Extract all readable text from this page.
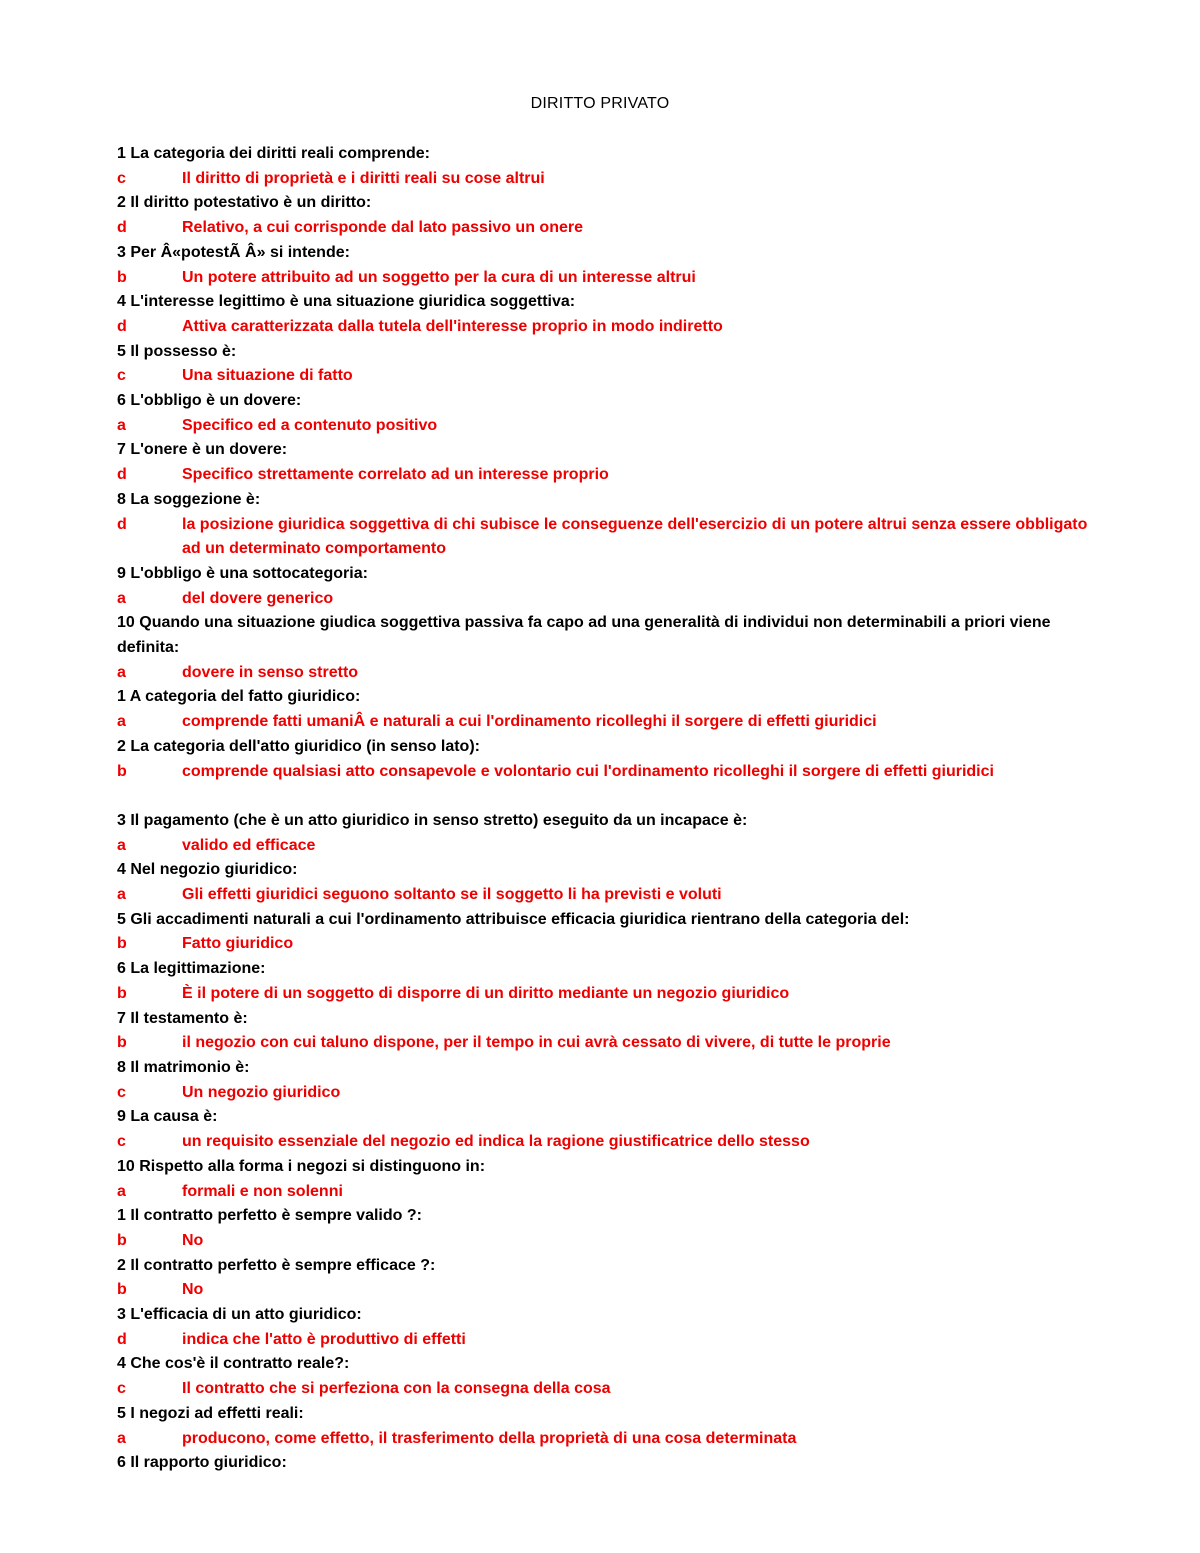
DIRITTO PRIVATO
1 La categoria dei diritti reali comprende:
c	Il diritto di proprietà e i diritti reali su cose altrui
2 Il diritto potestativo è un diritto:
d	Relativo, a cui corrisponde dal lato passivo un onere
3 Per Â«potestÃ Â» si intende:
b	Un potere attribuito ad un soggetto per la cura di un interesse altrui
4 L'interesse legittimo è una situazione giuridica soggettiva:
d	Attiva caratterizzata dalla tutela dell'interesse proprio in modo indiretto
5 Il possesso è:
c	Una situazione di fatto
6 L'obbligo è un dovere:
a	Specifico ed a contenuto positivo
7 L'onere è un dovere:
d	Specifico strettamente correlato ad un interesse proprio
8 La soggezione è:
d	la posizione giuridica soggettiva di chi subisce le conseguenze dell'esercizio di un potere altrui senza essere obbligato ad un determinato comportamento
9 L'obbligo è una sottocategoria:
a	del dovere generico
10 Quando una situazione giudica soggettiva passiva fa capo ad una generalità di individui non determinabili a priori viene definita:
a	dovere in senso stretto
1 A categoria del fatto giuridico:
a	comprende fatti umaniÂ e naturali a cui l'ordinamento ricolleghi il sorgere di effetti giuridici
2 La categoria dell'atto giuridico (in senso lato):
b	comprende qualsiasi atto consapevole e volontario cui l'ordinamento ricolleghi il sorgere di effetti giuridici
3 Il pagamento (che è un atto giuridico in senso stretto) eseguito da un incapace è:
a	valido ed efficace
4 Nel negozio giuridico:
a	Gli effetti giuridici seguono soltanto se il soggetto li ha previsti e voluti
5 Gli accadimenti naturali a cui l'ordinamento attribuisce efficacia giuridica rientrano della categoria del:
b	Fatto giuridico
6 La legittimazione:
b	È il potere di un soggetto di disporre di un diritto mediante un negozio giuridico
7 Il testamento è:
b	il negozio con cui taluno dispone, per il tempo in cui avrà cessato di vivere, di tutte le proprie
8 Il matrimonio è:
c	Un negozio giuridico
9 La causa è:
c	un requisito essenziale del negozio ed indica la ragione giustificatrice dello stesso
10 Rispetto alla forma i negozi si distinguono in:
a	formali e non solenni
1 Il contratto perfetto è sempre valido ?:
b	No
2 Il contratto perfetto è sempre efficace ?:
b	No
3 L'efficacia di un atto giuridico:
d	indica che l'atto è produttivo di effetti
4 Che cos'è il contratto reale?:
c	Il contratto che si perfeziona con la consegna della cosa
5 I negozi ad effetti reali:
a	producono, come effetto, il trasferimento della proprietà di una cosa determinata
6 Il rapporto giuridico:
